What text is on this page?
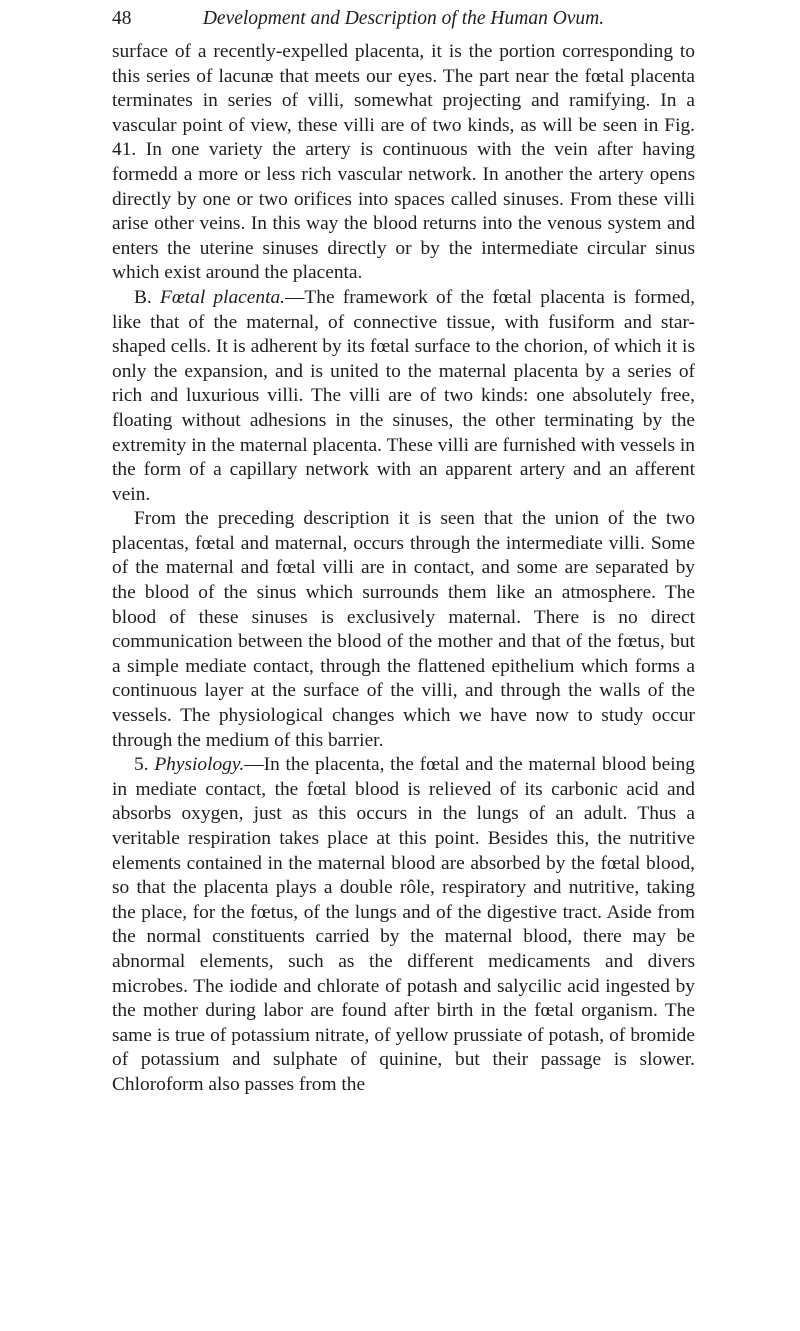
48	Development and Description of the Human Ovum.

surface of a recently-expelled placenta, it is the portion corresponding to this series of lacunæ that meets our eyes. The part near the fœtal placenta terminates in series of villi, somewhat projecting and ramifying. In a vascular point of view, these villi are of two kinds, as will be seen in Fig. 41. In one variety the artery is continuous with the vein after having formedd a more or less rich vascular network. In another the artery opens directly by one or two orifices into spaces called sinuses. From these villi arise other veins. In this way the blood returns into the venous system and enters the uterine sinuses directly or by the intermediate circular sinus which exist around the placenta.

B. Fœtal placenta.—The framework of the fœtal placenta is formed, like that of the maternal, of connective tissue, with fusiform and star-shaped cells. It is adherent by its fœtal surface to the chorion, of which it is only the expansion, and is united to the maternal placenta by a series of rich and luxurious villi. The villi are of two kinds: one absolutely free, floating without adhesions in the sinuses, the other terminating by the extremity in the maternal placenta. These villi are furnished with vessels in the form of a capillary network with an apparent artery and an afferent vein.

From the preceding description it is seen that the union of the two placentas, fœtal and maternal, occurs through the intermediate villi. Some of the maternal and fœtal villi are in contact, and some are separated by the blood of the sinus which surrounds them like an atmosphere. The blood of these sinuses is exclusively maternal. There is no direct communication between the blood of the mother and that of the fœtus, but a simple mediate contact, through the flattened epithelium which forms a continuous layer at the surface of the villi, and through the walls of the vessels. The physiological changes which we have now to study occur through the medium of this barrier.

5. Physiology.—In the placenta, the fœtal and the maternal blood being in mediate contact, the fœtal blood is relieved of its carbonic acid and absorbs oxygen, just as this occurs in the lungs of an adult. Thus a veritable respiration takes place at this point. Besides this, the nutritive elements contained in the maternal blood are absorbed by the fœtal blood, so that the placenta plays a double rôle, respiratory and nutritive, taking the place, for the fœtus, of the lungs and of the digestive tract. Aside from the normal constituents carried by the maternal blood, there may be abnormal elements, such as the different medicaments and divers microbes. The iodide and chlorate of potash and salycilic acid ingested by the mother during labor are found after birth in the fœtal organism. The same is true of potassium nitrate, of yellow prussiate of potash, of bromide of potassium and sulphate of quinine, but their passage is slower. Chloroform also passes from the
